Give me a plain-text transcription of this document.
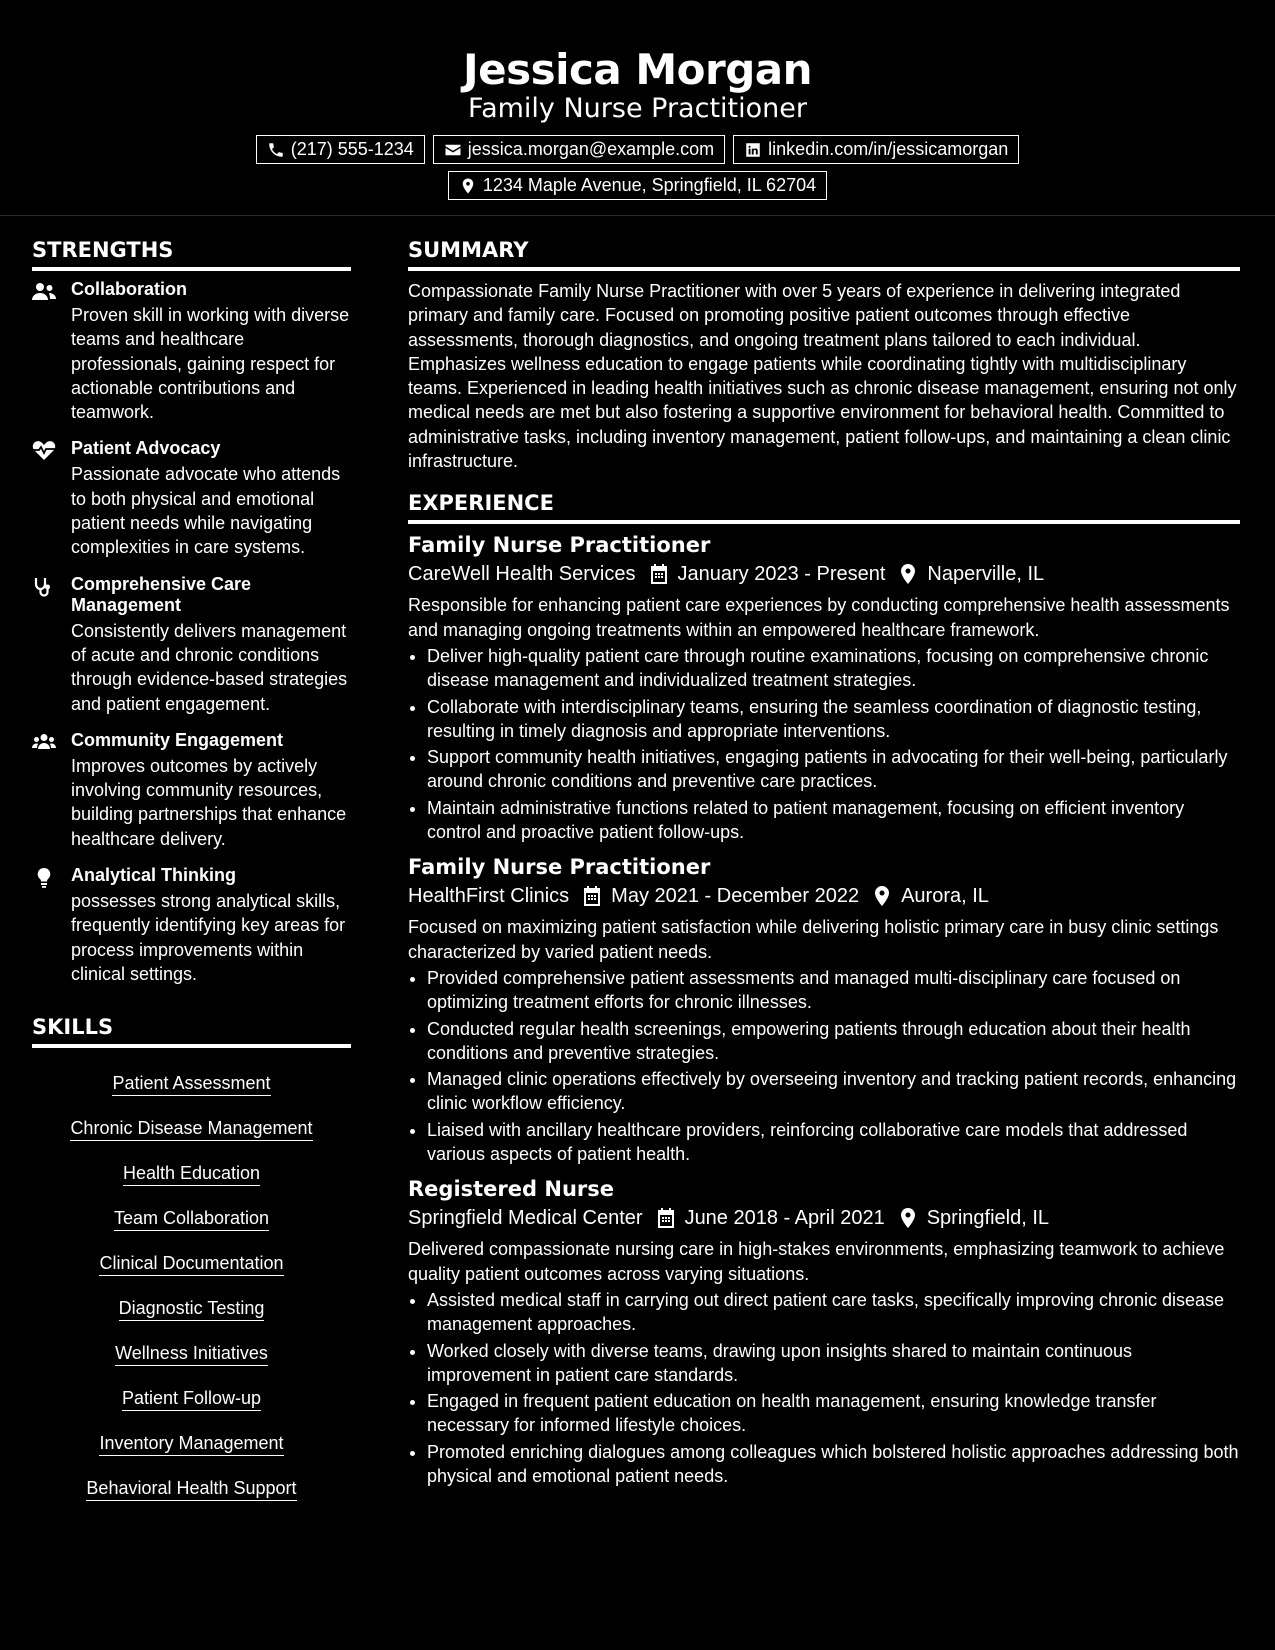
Jessica Morgan
Family Nurse Practitioner
(217) 555-1234	jessica.morgan@example.com	linkedin.com/in/jessicamorgan
1234 Maple Avenue, Springfield, IL 62704
STRENGTHS
Collaboration
Proven skill in working with diverse teams and healthcare professionals, gaining respect for actionable contributions and teamwork.
Patient Advocacy
Passionate advocate who attends to both physical and emotional patient needs while navigating complexities in care systems.
Comprehensive Care Management
Consistently delivers management of acute and chronic conditions through evidence-based strategies and patient engagement.
Community Engagement
Improves outcomes by actively involving community resources, building partnerships that enhance healthcare delivery.
Analytical Thinking
possesses strong analytical skills, frequently identifying key areas for process improvements within clinical settings.
SKILLS
Patient Assessment
Chronic Disease Management
Health Education
Team Collaboration
Clinical Documentation
Diagnostic Testing
Wellness Initiatives
Patient Follow-up
Inventory Management
Behavioral Health Support
SUMMARY
Compassionate Family Nurse Practitioner with over 5 years of experience in delivering integrated primary and family care. Focused on promoting positive patient outcomes through effective assessments, thorough diagnostics, and ongoing treatment plans tailored to each individual. Emphasizes wellness education to engage patients while coordinating tightly with multidisciplinary teams. Experienced in leading health initiatives such as chronic disease management, ensuring not only medical needs are met but also fostering a supportive environment for behavioral health. Committed to administrative tasks, including inventory management, patient follow-ups, and maintaining a clean clinic infrastructure.
EXPERIENCE
Family Nurse Practitioner
CareWell Health Services January 2023 - Present Naperville, IL
Responsible for enhancing patient care experiences by conducting comprehensive health assessments and managing ongoing treatments within an empowered healthcare framework.
• Deliver high-quality patient care through routine examinations, focusing on comprehensive chronic disease management and individualized treatment strategies.
• Collaborate with interdisciplinary teams, ensuring the seamless coordination of diagnostic testing, resulting in timely diagnosis and appropriate interventions.
• Support community health initiatives, engaging patients in advocating for their well-being, particularly around chronic conditions and preventive care practices.
• Maintain administrative functions related to patient management, focusing on efficient inventory control and proactive patient follow-ups.
Family Nurse Practitioner
HealthFirst Clinics May 2021 - December 2022 Aurora, IL
Focused on maximizing patient satisfaction while delivering holistic primary care in busy clinic settings characterized by varied patient needs.
• Provided comprehensive patient assessments and managed multi-disciplinary care focused on optimizing treatment efforts for chronic illnesses.
• Conducted regular health screenings, empowering patients through education about their health conditions and preventive strategies.
• Managed clinic operations effectively by overseeing inventory and tracking patient records, enhancing clinic workflow efficiency.
• Liaised with ancillary healthcare providers, reinforcing collaborative care models that addressed various aspects of patient health.
Registered Nurse
Springfield Medical Center June 2018 - April 2021 Springfield, IL
Delivered compassionate nursing care in high-stakes environments, emphasizing teamwork to achieve quality patient outcomes across varying situations.
• Assisted medical staff in carrying out direct patient care tasks, specifically improving chronic disease management approaches.
• Worked closely with diverse teams, drawing upon insights shared to maintain continuous improvement in patient care standards.
• Engaged in frequent patient education on health management, ensuring knowledge transfer necessary for informed lifestyle choices.
• Promoted enriching dialogues among colleagues which bolstered holistic approaches addressing both physical and emotional patient needs.
